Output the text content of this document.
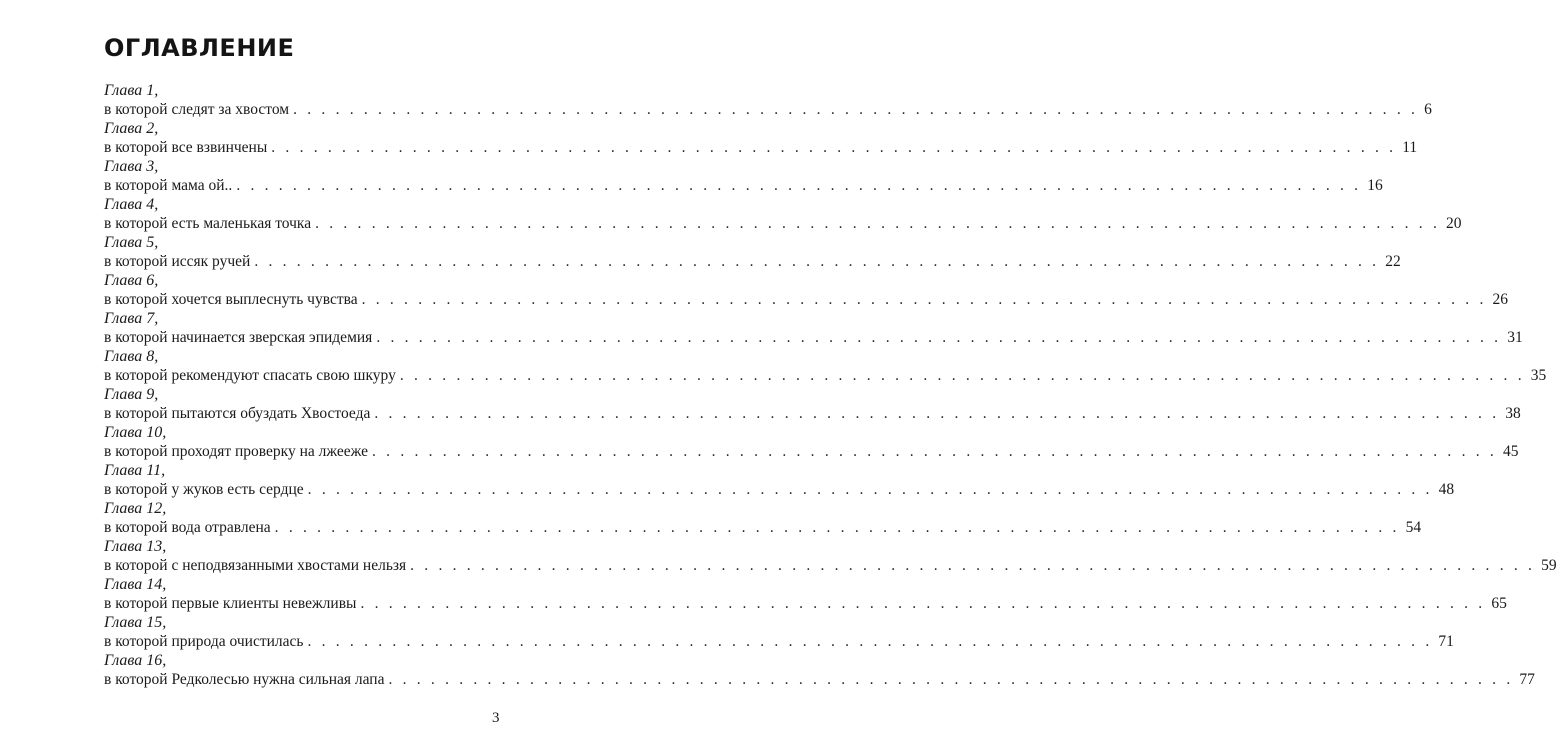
ОГЛАВЛЕНИЕ
Глава 1,
в которой следят за хвостом . . . . . . . . . . . . . . . . . . . . . . . . . . . . . . . . . . . . . . . . . . . . . . . . . . . . . . . . . . . . . . . . . . . . . . . . . . . . . . . . 6
Глава 2,
в которой все взвинчены . . . . . . . . . . . . . . . . . . . . . . . . . . . . . . . . . . . . . . . . . . . . . . . . . . . . . . . . . . . . . . . . . . . . . . . . . . . . . . . . 11
Глава 3,
в которой мама ой.. . . . . . . . . . . . . . . . . . . . . . . . . . . . . . . . . . . . . . . . . . . . . . . . . . . . . . . . . . . . . . . . . . . . . . . . . . . . . . . . . 16
Глава 4,
в которой есть маленькая точка . . . . . . . . . . . . . . . . . . . . . . . . . . . . . . . . . . . . . . . . . . . . . . . . . . . . . . . . . . . . . . . . . . . . . . . . . . . . . . . . 20
Глава 5,
в которой иссяк ручей . . . . . . . . . . . . . . . . . . . . . . . . . . . . . . . . . . . . . . . . . . . . . . . . . . . . . . . . . . . . . . . . . . . . . . . . . . . . . . . . 22
Глава 6,
в которой хочется выплеснуть чувства . . . . . . . . . . . . . . . . . . . . . . . . . . . . . . . . . . . . . . . . . . . . . . . . . . . . . . . . . . . . . . . . . . . . . . . . . . . . . . . . 26
Глава 7,
в которой начинается зверская эпидемия . . . . . . . . . . . . . . . . . . . . . . . . . . . . . . . . . . . . . . . . . . . . . . . . . . . . . . . . . . . . . . . . . . . . . . . . . . . . . . . . 31
Глава 8,
в которой рекомендуют спасать свою шкуру . . . . . . . . . . . . . . . . . . . . . . . . . . . . . . . . . . . . . . . . . . . . . . . . . . . . . . . . . . . . . . . . . . . . . . . . . . . . . . . . 35
Глава 9,
в которой пытаются обуздать Хвостоеда . . . . . . . . . . . . . . . . . . . . . . . . . . . . . . . . . . . . . . . . . . . . . . . . . . . . . . . . . . . . . . . . . . . . . . . . . . . . . . . . 38
Глава 10,
в которой проходят проверку на лжееже . . . . . . . . . . . . . . . . . . . . . . . . . . . . . . . . . . . . . . . . . . . . . . . . . . . . . . . . . . . . . . . . . . . . . . . . . . . . . . . . 45
Глава 11,
в которой у жуков есть сердце . . . . . . . . . . . . . . . . . . . . . . . . . . . . . . . . . . . . . . . . . . . . . . . . . . . . . . . . . . . . . . . . . . . . . . . . . . . . . . . . 48
Глава 12,
в которой вода отравлена . . . . . . . . . . . . . . . . . . . . . . . . . . . . . . . . . . . . . . . . . . . . . . . . . . . . . . . . . . . . . . . . . . . . . . . . . . . . . . . . 54
Глава 13,
в которой с неподвязанными хвостами нельзя . . . . . . . . . . . . . . . . . . . . . . . . . . . . . . . . . . . . . . . . . . . . . . . . . . . . . . . . . . . . . . . . . . . . . . . . . . . . . . . . 59
Глава 14,
в которой первые клиенты невежливы . . . . . . . . . . . . . . . . . . . . . . . . . . . . . . . . . . . . . . . . . . . . . . . . . . . . . . . . . . . . . . . . . . . . . . . . . . . . . . . . 65
Глава 15,
в которой природа очистилась . . . . . . . . . . . . . . . . . . . . . . . . . . . . . . . . . . . . . . . . . . . . . . . . . . . . . . . . . . . . . . . . . . . . . . . . . . . . . . . . 71
Глава 16,
в которой Редколесью нужна сильная лапа . . . . . . . . . . . . . . . . . . . . . . . . . . . . . . . . . . . . . . . . . . . . . . . . . . . . . . . . . . . . . . . . . . . . . . . . . . . . . . . . 77
3
